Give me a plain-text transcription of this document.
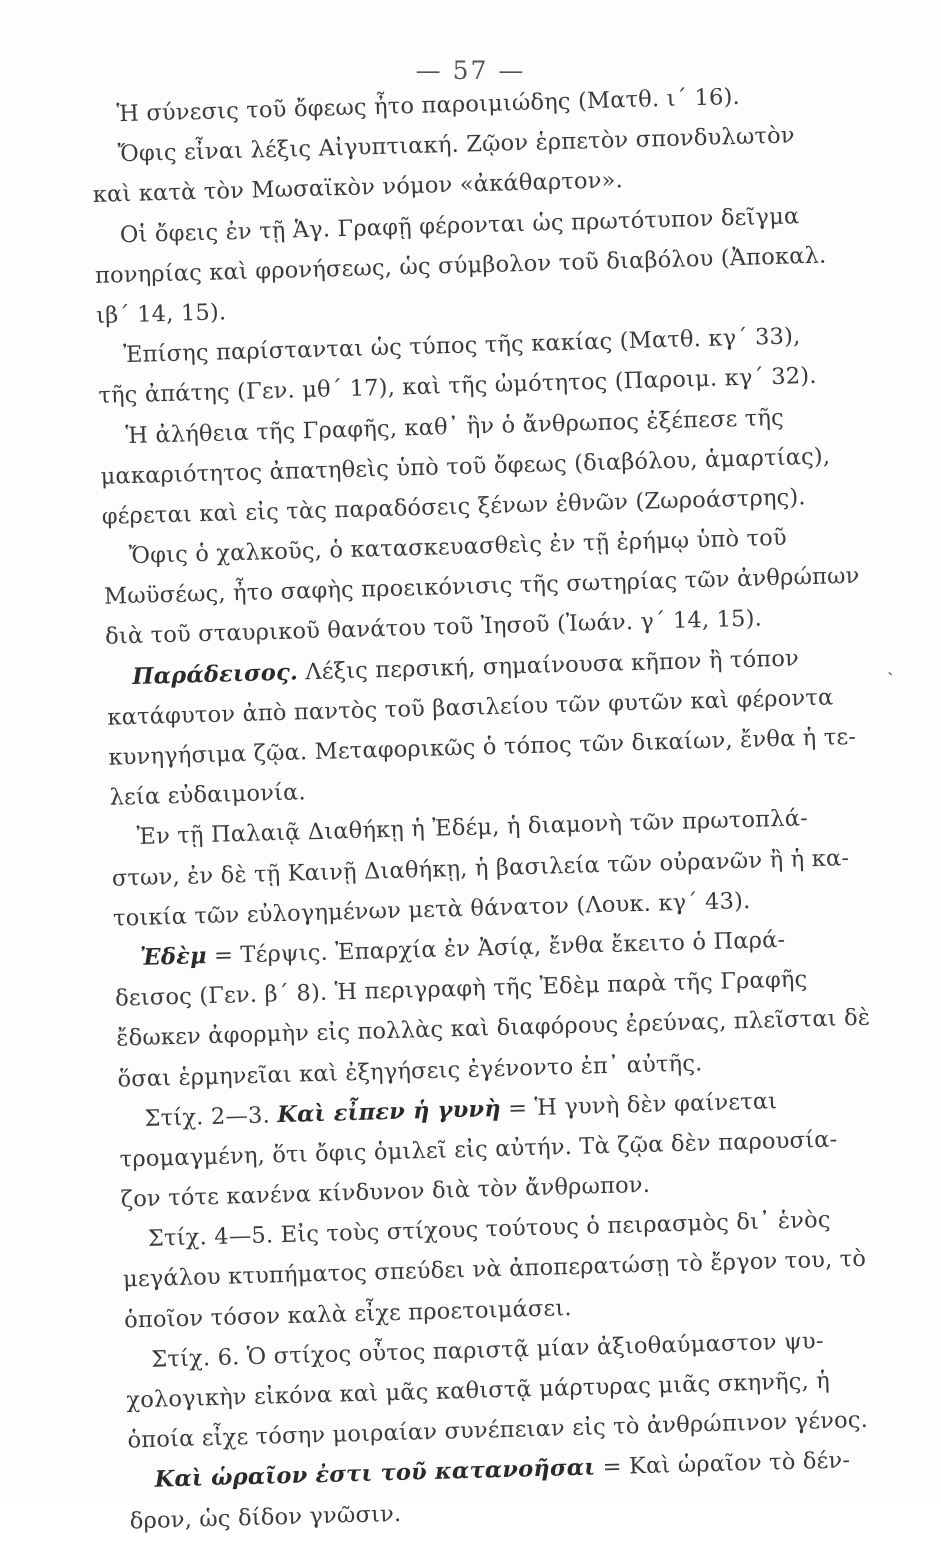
— 57 —
Ἡ σύνεσις τοῦ ὄφεως ἦτο παροιμιώδης (Ματθ. ι΄ 16).
Ὄφις εἶναι λέξις Αἰγυπτιακή. Ζῷον ἑρπετὸν σπονδυλωτὸν
καὶ κατὰ τὸν Μωσαϊκὸν νόμον «ἀκάθαρτον».
Οἱ ὄφεις ἐν τῇ Ἁγ. Γραφῇ φέρονται ὡς πρωτότυπον δεῖγμα
πονηρίας καὶ φρονήσεως, ὡς σύμβολον τοῦ διαβόλου (Ἀποκαλ.
ιβ΄ 14, 15).
Ἐπίσης παρίστανται ὡς τύπος τῆς κακίας (Ματθ. κγ΄ 33),
τῆς ἀπάτης (Γεν. μθ΄ 17), καὶ τῆς ὠμότητος (Παροιμ. κγ΄ 32).
Ἡ ἀλήθεια τῆς Γραφῆς, καθ᾽ ἣν ὁ ἄνθρωπος ἐξέπεσε τῆς
μακαριότητος ἀπατηθεὶς ὑπὸ τοῦ ὄφεως (διαβόλου, ἁμαρτίας),
φέρεται καὶ εἰς τὰς παραδόσεις ξένων ἐθνῶν (Ζωροάστρης).
Ὄφις ὁ χαλκοῦς, ὁ κατασκευασθεὶς ἐν τῇ ἐρήμῳ ὑπὸ τοῦ
Μωϋσέως, ἦτο σαφὴς προεικόνισις τῆς σωτηρίας τῶν ἀνθρώπων
διὰ τοῦ σταυρικοῦ θανάτου τοῦ Ἰησοῦ (Ἰωάν. γ΄ 14, 15).
Παράδεισος. Λέξις περσική, σημαίνουσα κῆπον ἢ τόπον
κατάφυτον ἀπὸ παντὸς τοῦ βασιλείου τῶν φυτῶν καὶ φέροντα
κυνηγήσιμα ζῷα. Μεταφορικῶς ὁ τόπος τῶν δικαίων, ἔνθα ἡ τε-
λεία εὐδαιμονία.
Ἐν τῇ Παλαιᾷ Διαθήκῃ ἡ Ἐδέμ, ἡ διαμονὴ τῶν πρωτοπλά-
στων, ἐν δὲ τῇ Καινῇ Διαθήκῃ, ἡ βασιλεία τῶν οὐρανῶν ἢ ἡ κα-
τοικία τῶν εὐλογημένων μετὰ θάνατον (Λουκ. κγ΄ 43).
Ἐδὲμ = Τέρψις. Ἐπαρχία ἐν Ἀσίᾳ, ἔνθα ἔκειτο ὁ Παρά-
δεισος (Γεν. β΄ 8). Ἡ περιγραφὴ τῆς Ἐδὲμ παρὰ τῆς Γραφῆς
ἔδωκεν ἀφορμὴν εἰς πολλὰς καὶ διαφόρους ἐρεύνας, πλεῖσται δὲ
ὅσαι ἑρμηνεῖαι καὶ ἐξηγήσεις ἐγένοντο ἐπ᾽ αὐτῆς.
Στίχ. 2—3. Καὶ εἶπεν ἡ γυνὴ = Ἡ γυνὴ δὲν φαίνεται
τρομαγμένη, ὅτι ὄφις ὁμιλεῖ εἰς αὐτήν. Τὰ ζῷα δὲν παρουσία-
ζον τότε κανένα κίνδυνον διὰ τὸν ἄνθρωπον.
Στίχ. 4—5. Εἰς τοὺς στίχους τούτους ὁ πειρασμὸς δι᾽ ἑνὸς
μεγάλου κτυπήματος σπεύδει νὰ ἀποπερατώσῃ τὸ ἔργον του, τὸ
ὁποῖον τόσον καλὰ εἶχε προετοιμάσει.
Στίχ. 6. Ὁ στίχος οὗτος παριστᾷ μίαν ἀξιοθαύμαστον ψυ-
χολογικὴν εἰκόνα καὶ μᾶς καθιστᾷ μάρτυρας μιᾶς σκηνῆς, ἡ
ὁποία εἶχε τόσην μοιραίαν συνέπειαν εἰς τὸ ἀνθρώπινον γένος.
Καὶ ὡραῖον ἐστι τοῦ κατανοῆσαι = Καὶ ὡραῖον τὸ δέν-
δρον, ὡς δίδον γνῶσιν.
ˎ
